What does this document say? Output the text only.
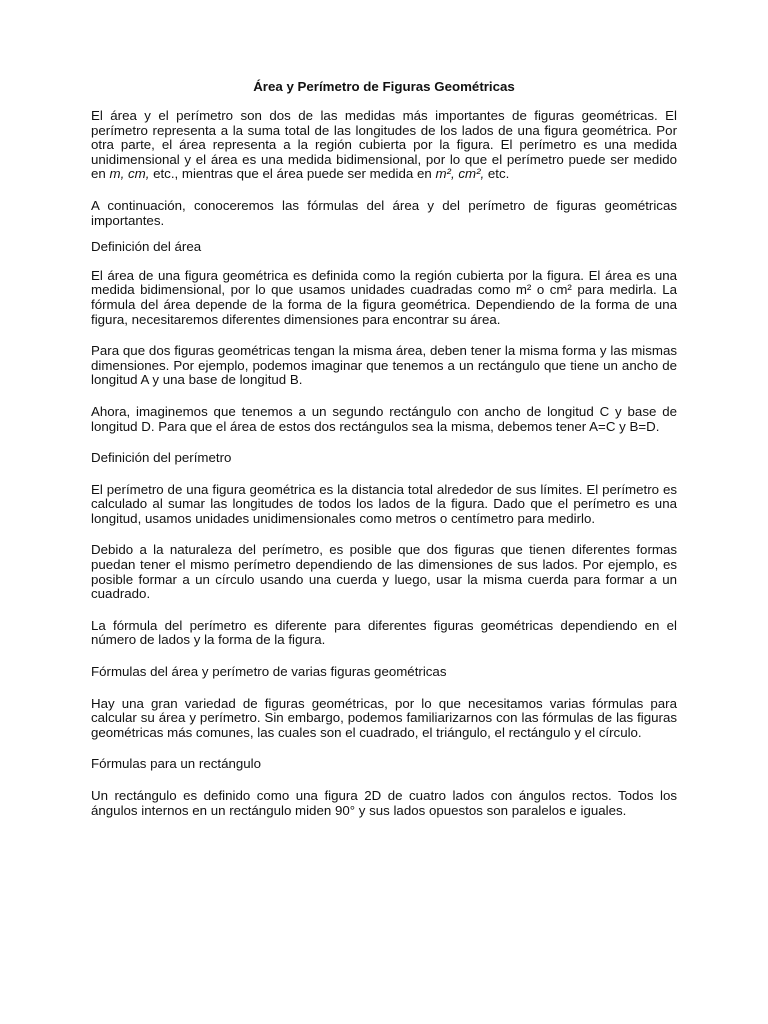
Área y Perímetro de Figuras Geométricas

El área y el perímetro son dos de las medidas más importantes de figuras geométricas. El perímetro representa a la suma total de las longitudes de los lados de una figura geométrica. Por otra parte, el área representa a la región cubierta por la figura. El perímetro es una medida unidimensional y el área es una medida bidimensional, por lo que el perímetro puede ser medido en m, cm, etc., mientras que el área puede ser medida en m², cm², etc.

A continuación, conoceremos las fórmulas del área y del perímetro de figuras geométricas importantes.

Definición del área

El área de una figura geométrica es definida como la región cubierta por la figura. El área es una medida bidimensional, por lo que usamos unidades cuadradas como m² o cm² para medirla. La fórmula del área depende de la forma de la figura geométrica. Dependiendo de la forma de una figura, necesitaremos diferentes dimensiones para encontrar su área.

Para que dos figuras geométricas tengan la misma área, deben tener la misma forma y las mismas dimensiones. Por ejemplo, podemos imaginar que tenemos a un rectángulo que tiene un ancho de longitud A y una base de longitud B.

Ahora, imaginemos que tenemos a un segundo rectángulo con ancho de longitud C y base de longitud D. Para que el área de estos dos rectángulos sea la misma, debemos tener A=C y B=D.

Definición del perímetro

El perímetro de una figura geométrica es la distancia total alrededor de sus límites. El perímetro es calculado al sumar las longitudes de todos los lados de la figura. Dado que el perímetro es una longitud, usamos unidades unidimensionales como metros o centímetro para medirlo.

Debido a la naturaleza del perímetro, es posible que dos figuras que tienen diferentes formas puedan tener el mismo perímetro dependiendo de las dimensiones de sus lados. Por ejemplo, es posible formar a un círculo usando una cuerda y luego, usar la misma cuerda para formar a un cuadrado.

La fórmula del perímetro es diferente para diferentes figuras geométricas dependiendo en el número de lados y la forma de la figura.

Fórmulas del área y perímetro de varias figuras geométricas

Hay una gran variedad de figuras geométricas, por lo que necesitamos varias fórmulas para calcular su área y perímetro. Sin embargo, podemos familiarizarnos con las fórmulas de las figuras geométricas más comunes, las cuales son el cuadrado, el triángulo, el rectángulo y el círculo.

Fórmulas para un rectángulo

Un rectángulo es definido como una figura 2D de cuatro lados con ángulos rectos. Todos los ángulos internos en un rectángulo miden 90° y sus lados opuestos son paralelos e iguales.
